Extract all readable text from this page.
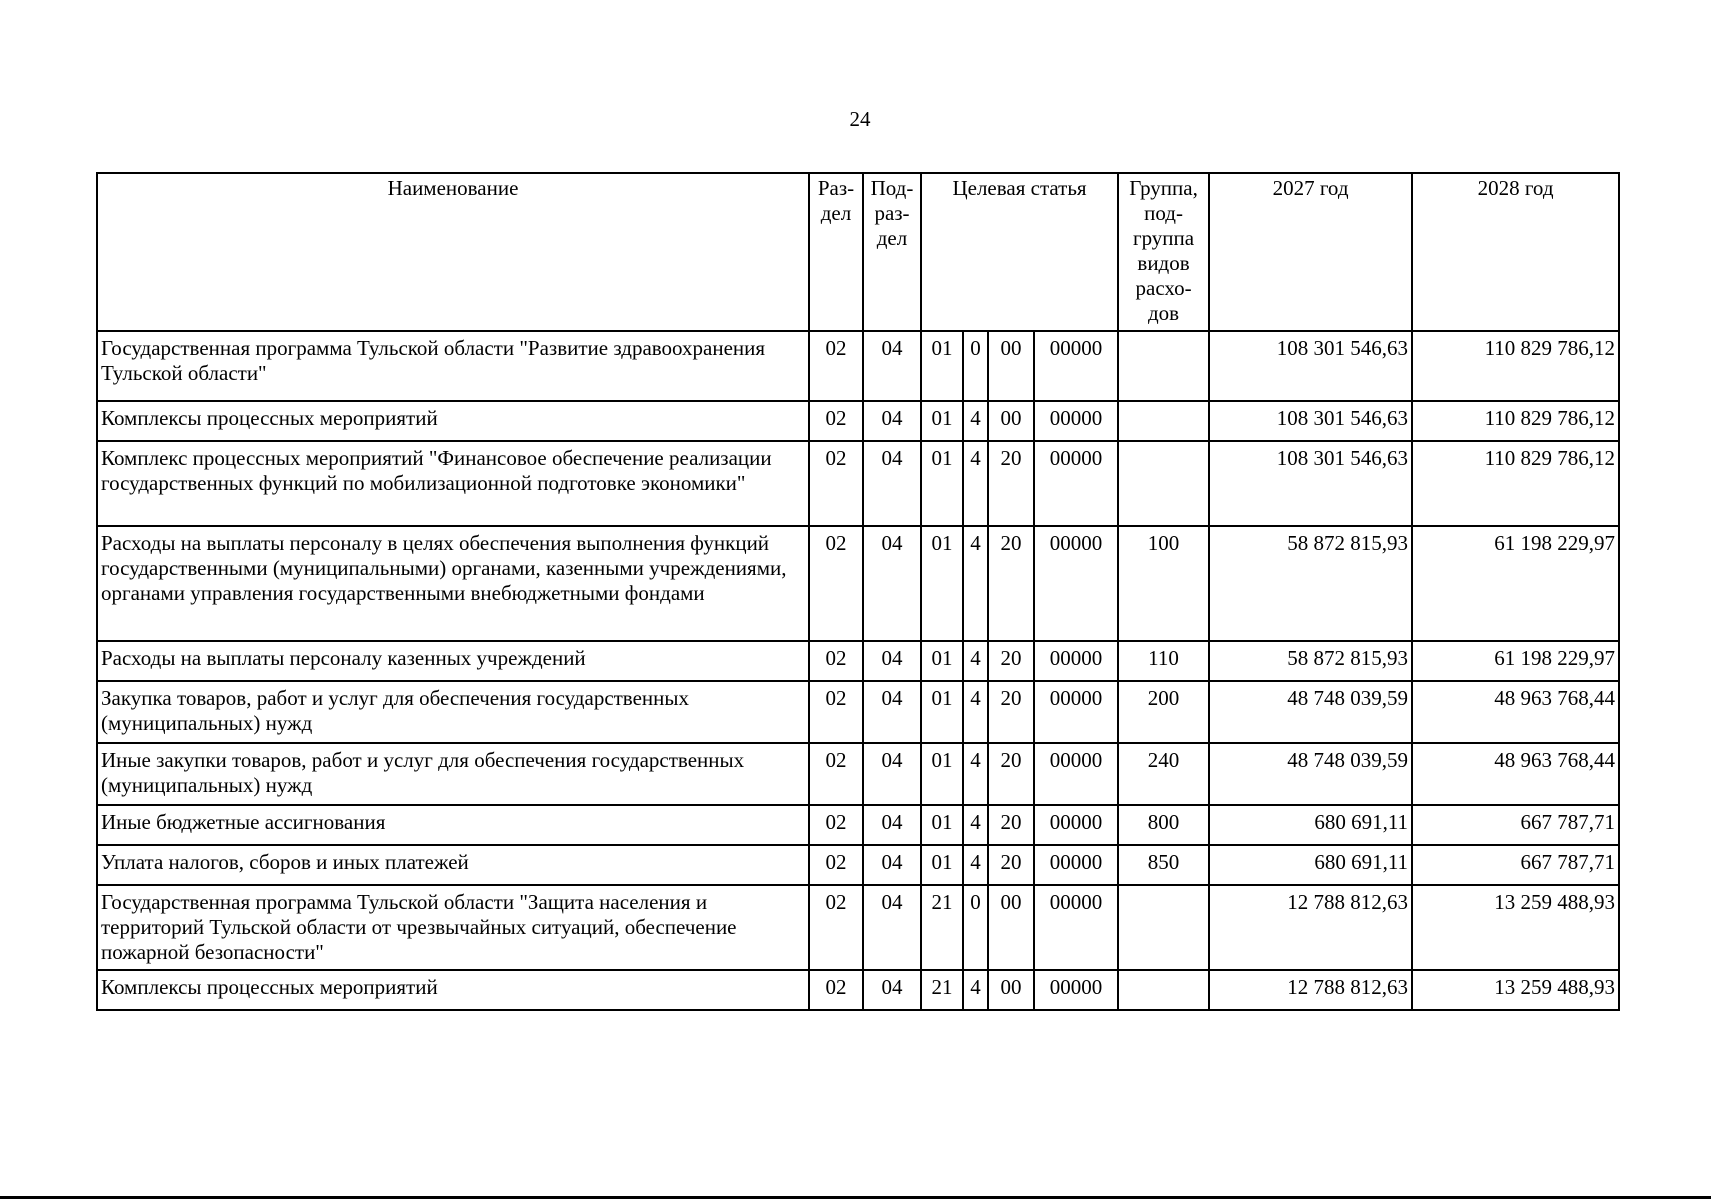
24
Наименование	Раз-дел	Под-раз-дел	Целевая статья				Группа, под-группа видов расхо-дов	2027 год	2028 год
Государственная программа Тульской области "Развитие здравоохранения Тульской области"	02	04	01	0	00	00000		108 301 546,63	110 829 786,12
Комплексы процессных мероприятий	02	04	01	4	00	00000		108 301 546,63	110 829 786,12
Комплекс процессных мероприятий "Финансовое обеспечение реализации государственных функций по мобилизационной подготовке экономики"	02	04	01	4	20	00000		108 301 546,63	110 829 786,12
Расходы на выплаты персоналу в целях обеспечения выполнения функций государственными (муниципальными) органами, казенными учреждениями, органами управления государственными внебюджетными фондами	02	04	01	4	20	00000	100	58 872 815,93	61 198 229,97
Расходы на выплаты персоналу казенных учреждений	02	04	01	4	20	00000	110	58 872 815,93	61 198 229,97
Закупка товаров, работ и услуг для обеспечения государственных (муниципальных) нужд	02	04	01	4	20	00000	200	48 748 039,59	48 963 768,44
Иные закупки товаров, работ и услуг для обеспечения государственных (муниципальных) нужд	02	04	01	4	20	00000	240	48 748 039,59	48 963 768,44
Иные бюджетные ассигнования	02	04	01	4	20	00000	800	680 691,11	667 787,71
Уплата налогов, сборов и иных платежей	02	04	01	4	20	00000	850	680 691,11	667 787,71
Государственная программа Тульской области "Защита населения и территорий Тульской области от чрезвычайных ситуаций, обеспечение пожарной безопасности"	02	04	21	0	00	00000		12 788 812,63	13 259 488,93
Комплексы процессных мероприятий	02	04	21	4	00	00000		12 788 812,63	13 259 488,93
